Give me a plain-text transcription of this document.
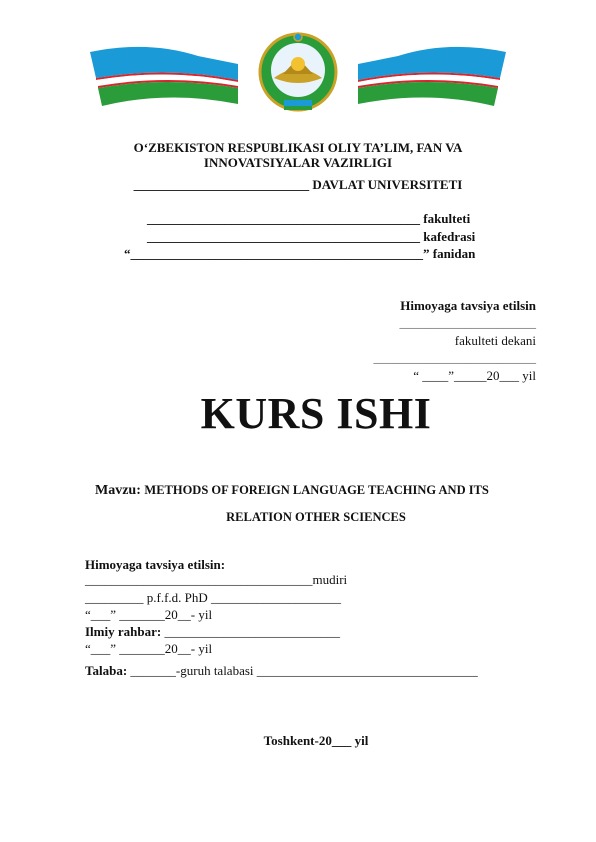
O‘ZBEKISTON RESPUBLIKASI OLIY TA’LIM, FAN VA
INNOVATSIYALAR VAZIRLIGI
___________________________ DAVLAT UNIVERSITETI
__________________________________________ fakulteti
__________________________________________ kafedrasi
“_____________________________________________” fanidan
Himoyaga tavsiya etilsin
_____________________
fakulteti dekani
_________________________
“ ____”_____20___ yil
KURS ISHI
Mavzu: METHODS OF FOREIGN LANGUAGE TEACHING AND ITS
RELATION OTHER SCIENCES
Himoyaga tavsiya etilsin:
___________________________________mudiri
_________ p.f.f.d. PhD ____________________
“___” _______20__- yil
Ilmiy rahbar: ___________________________
“___” _______20__- yil
Talaba: _______-guruh talabasi __________________________________
Toshkent-20___ yil
